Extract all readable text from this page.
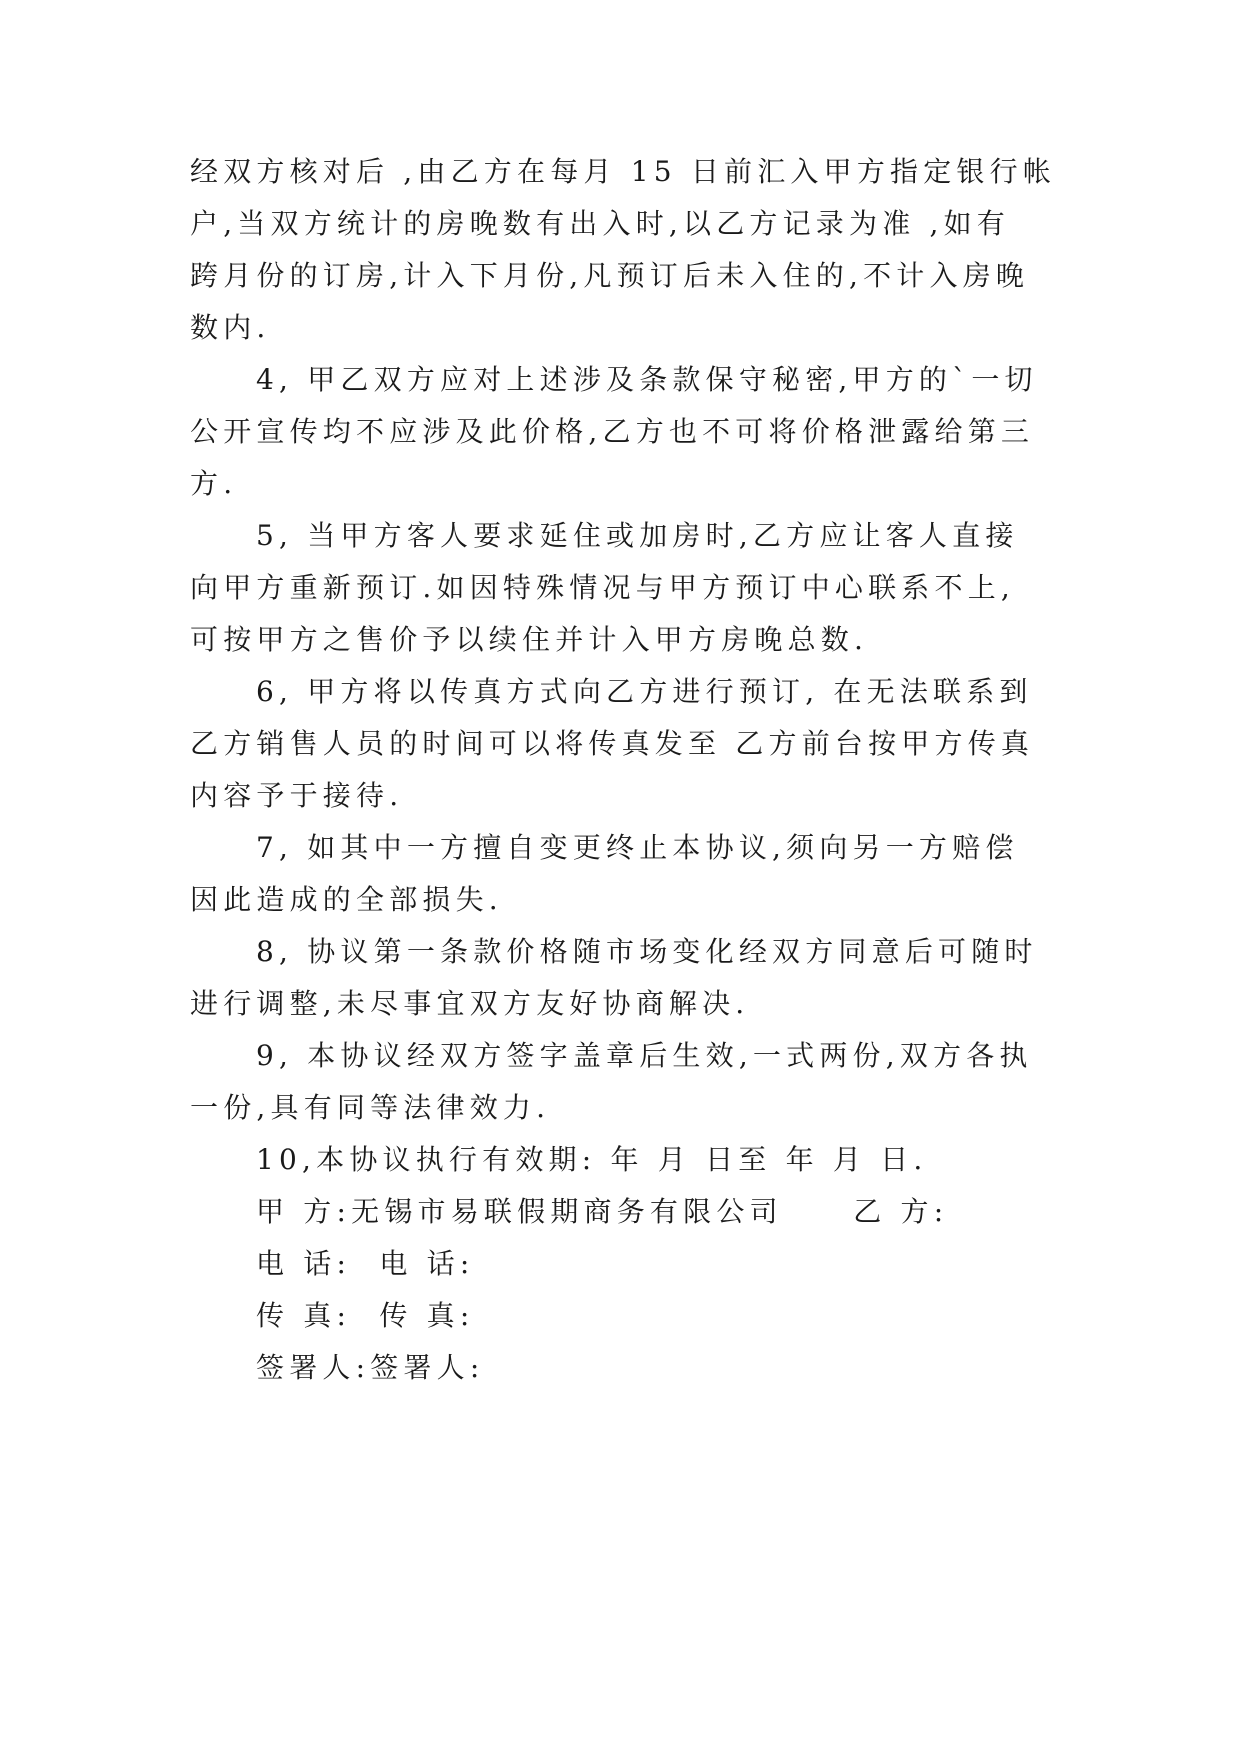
经双方核对后 ,由乙方在每月 15 日前汇入甲方指定银行帐
户,当双方统计的房晚数有出入时,以乙方记录为准 ,如有
跨月份的订房,计入下月份,凡预订后未入住的,不计入房晚
数内.
4, 甲乙双方应对上述涉及条款保守秘密,甲方的`一切
公开宣传均不应涉及此价格,乙方也不可将价格泄露给第三
方.
5, 当甲方客人要求延住或加房时,乙方应让客人直接
向甲方重新预订.如因特殊情况与甲方预订中心联系不上,
可按甲方之售价予以续住并计入甲方房晚总数.
6, 甲方将以传真方式向乙方进行预订, 在无法联系到
乙方销售人员的时间可以将传真发至 乙方前台按甲方传真
内容予于接待.
7, 如其中一方擅自变更终止本协议,须向另一方赔偿
因此造成的全部损失.
8, 协议第一条款价格随市场变化经双方同意后可随时
进行调整,未尽事宜双方友好协商解决.
9, 本协议经双方签字盖章后生效,一式两份,双方各执
一份,具有同等法律效力.
10,本协议执行有效期: 年 月 日至 年 月 日.
甲 方:无锡市易联假期商务有限公司     乙 方:
电 话:  电 话:
传 真:  传 真:
签署人:签署人:
